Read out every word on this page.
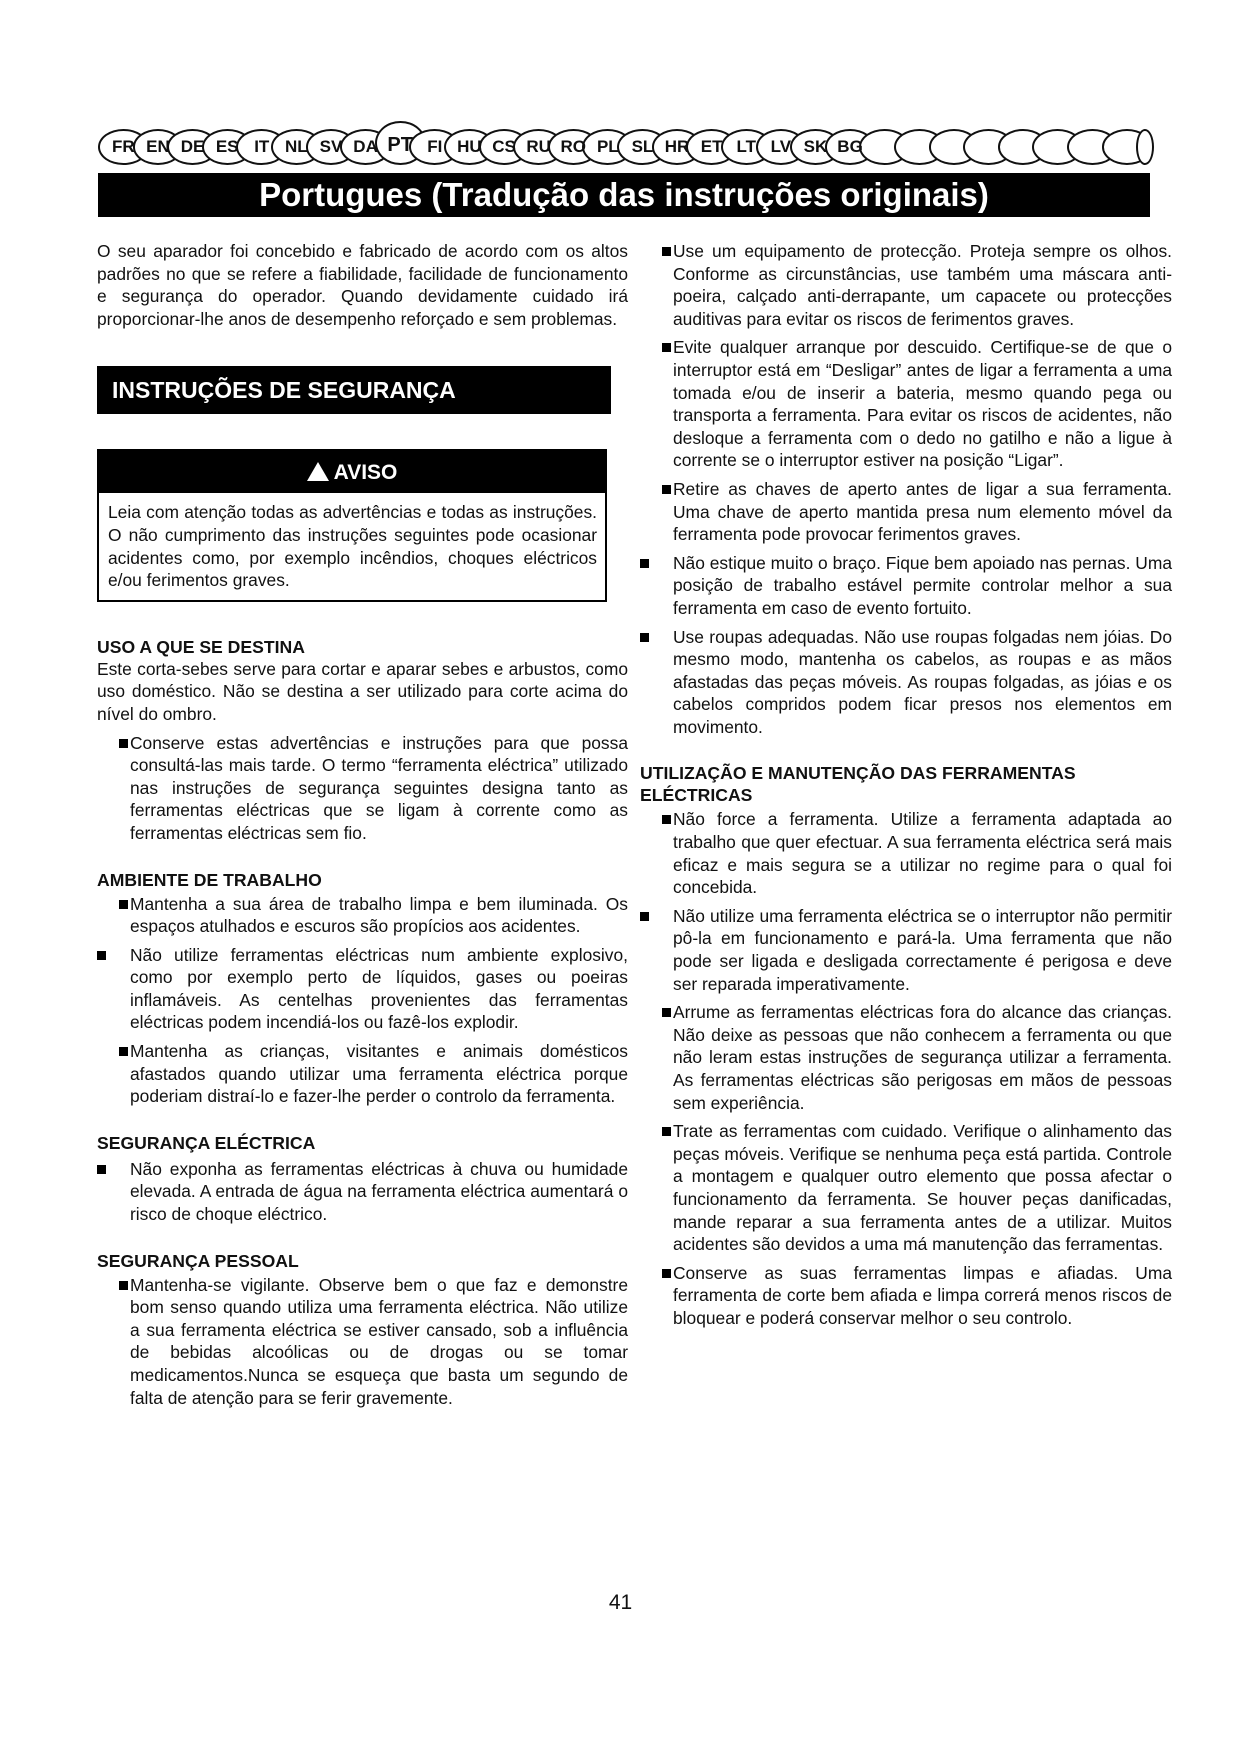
FR EN DE ES IT NL SV DA PT FI HU CS RU RO PL SL HR ET LT LV SK BG
Portugues (Tradução das instruções originais)

O seu aparador foi concebido e fabricado de acordo com os altos padrões no que se refere a fiabilidade, facilidade de funcionamento e segurança do operador. Quando devidamente cuidado irá proporcionar-lhe anos de desempenho reforçado e sem problemas.

INSTRUÇÕES DE SEGURANÇA
!
AVISO

Leia com atenção todas as advertências e todas as instruções. O não cumprimento das instruções seguintes pode ocasionar acidentes como, por exemplo incêndios, choques eléctricos e/ou ferimentos graves.

USO A QUE SE DESTINA

Este corta-sebes serve para cortar e aparar sebes e arbustos, como uso doméstico. Não se destina a ser utilizado para corte acima do nível do ombro.

Conserve estas advertências e instruções para que possa consultá-las mais tarde. O termo “ferramenta eléctrica” utilizado nas instruções de segurança seguintes designa tanto as ferramentas eléctricas que se ligam à corrente como as ferramentas eléctricas sem fio.
AMBIENTE DE TRABALHO
Mantenha a sua área de trabalho limpa e bem iluminada. Os espaços atulhados e escuros são propícios aos acidentes.
Não utilize ferramentas eléctricas num ambiente explosivo, como por exemplo perto de líquidos, gases ou poeiras inflamáveis. As centelhas provenientes das ferramentas eléctricas podem incendiá-los ou fazê-los explodir.
Mantenha as crianças, visitantes e animais domésticos afastados quando utilizar uma ferramenta eléctrica porque poderiam distraí-lo e fazer-lhe perder o controlo da ferramenta.
SEGURANÇA ELÉCTRICA
Não exponha as ferramentas eléctricas à chuva ou humidade elevada. A entrada de água na ferramenta eléctrica aumentará o risco de choque eléctrico.
SEGURANÇA PESSOAL
Mantenha-se vigilante. Observe bem o que faz e demonstre bom senso quando utiliza uma ferramenta eléctrica. Não utilize a sua ferramenta eléctrica se estiver cansado, sob a influência de bebidas alcoólicas ou de drogas ou se tomar medicamentos.Nunca se esqueça que basta um segundo de falta de atenção para se ferir gravemente.
Use um equipamento de protecção. Proteja sempre os olhos. Conforme as circunstâncias, use também uma máscara anti-poeira, calçado anti-derrapante, um capacete ou protecções auditivas para evitar os riscos de ferimentos graves.
Evite qualquer arranque por descuido. Certifique-se de que o interruptor está em “Desligar” antes de ligar a ferramenta a uma tomada e/ou de inserir a bateria, mesmo quando pega ou transporta a ferramenta. Para evitar os riscos de acidentes, não desloque a ferramenta com o dedo no gatilho e não a ligue à corrente se o interruptor estiver na posição “Ligar”.
Retire as chaves de aperto antes de ligar a sua ferramenta. Uma chave de aperto mantida presa num elemento móvel da ferramenta pode provocar ferimentos graves.
Não estique muito o braço. Fique bem apoiado nas pernas. Uma posição de trabalho estável permite controlar melhor a sua ferramenta em caso de evento fortuito.
Use roupas adequadas. Não use roupas folgadas nem jóias. Do mesmo modo, mantenha os cabelos, as roupas e as mãos afastadas das peças móveis. As roupas folgadas, as jóias e os cabelos compridos podem ficar presos nos elementos em movimento.
UTILIZAÇÃO E MANUTENÇÃO DAS FERRAMENTAS ELÉCTRICAS
Não force a ferramenta. Utilize a ferramenta adaptada ao trabalho que quer efectuar. A sua ferramenta eléctrica será mais eficaz e mais segura se a utilizar no regime para o qual foi concebida.
Não utilize uma ferramenta eléctrica se o interruptor não permitir pô-la em funcionamento e pará-la. Uma ferramenta que não pode ser ligada e desligada correctamente é perigosa e deve ser reparada imperativamente.
Arrume as ferramentas eléctricas fora do alcance das crianças. Não deixe as pessoas que não conhecem a ferramenta ou que não leram estas instruções de segurança utilizar a ferramenta. As ferramentas eléctricas são perigosas em mãos de pessoas sem experiência.
Trate as ferramentas com cuidado. Verifique o alinhamento das peças móveis. Verifique se nenhuma peça está partida. Controle a montagem e qualquer outro elemento que possa afectar o funcionamento da ferramenta. Se houver peças danificadas, mande reparar a sua ferramenta antes de a utilizar. Muitos acidentes são devidos a uma má manutenção das ferramentas.
Conserve as suas ferramentas limpas e afiadas. Uma ferramenta de corte bem afiada e limpa correrá menos riscos de bloquear e poderá conservar melhor o seu controlo.
41
